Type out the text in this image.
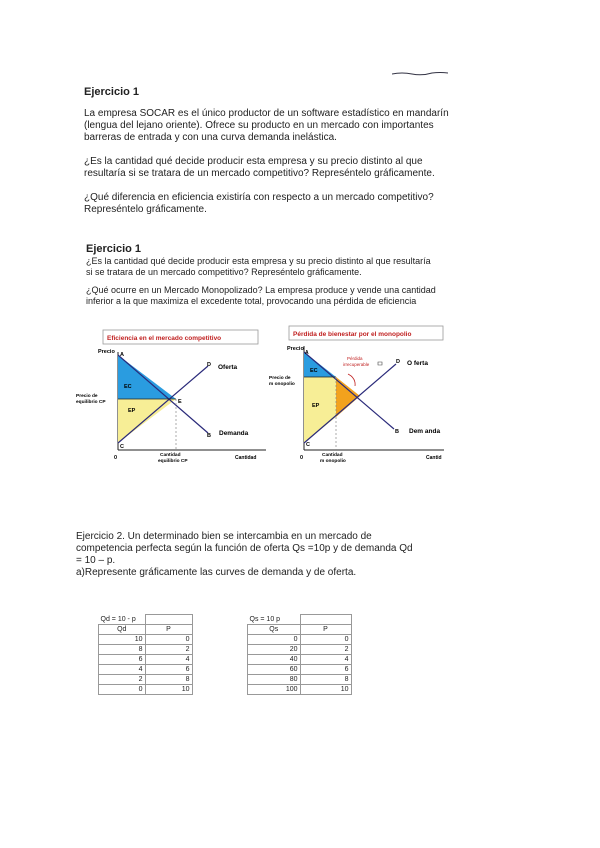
Ejercicio 1
La empresa SOCAR es el único productor de un software estadístico en mandarín (lengua del lejano oriente). Ofrece su producto en un mercado con importantes barreras de entrada y con una curva demanda inelástica.
¿Es la cantidad qué decide producir esta empresa y su precio distinto al que resultaría si se tratara de un mercado competitivo? Represéntelo gráficamente.
¿Qué diferencia en eficiencia existiría con respecto a un mercado competitivo? Represéntelo gráficamente.
Ejercicio 1
¿Es la cantidad qué decide producir esta empresa y su precio distinto al que resultaría si se tratara de un mercado competitivo? Represéntelo gráficamente.
¿Qué ocurre en un Mercado Monopolizado? La empresa produce y vende una cantidad inferior a la que maximiza el excedente total, provocando una pérdida de eficiencia
Eficiencia en el mercado competitivo
Precio A
EC
EP
E
D Oferta
B Demanda
C
0
Precio de
equilibrio CP
Cantidad
equilibrio CP
Cantidad
Pérdida de bienestar por el monopolio
Precio
A
EC
EP
D O ferta
B Dem anda
C
0
Pérdida
irrecuperable
Precio de
m onopolio
Cantidad
m onopolio
Cantid
Ejercicio 2. Un determinado bien se intercambia en un mercado de competencia perfecta según la función de oferta Qs =10p y de demanda Qd = 10 – p.
a)Represente gráficamente las curves de demanda y de oferta.
Qd = 10 - p	
Qd	P
10	0
8	2
6	4
4	6
2	8
0	10
Qs = 10 p	
Qs	P
0	0
20	2
40	4
60	6
80	8
100	10
